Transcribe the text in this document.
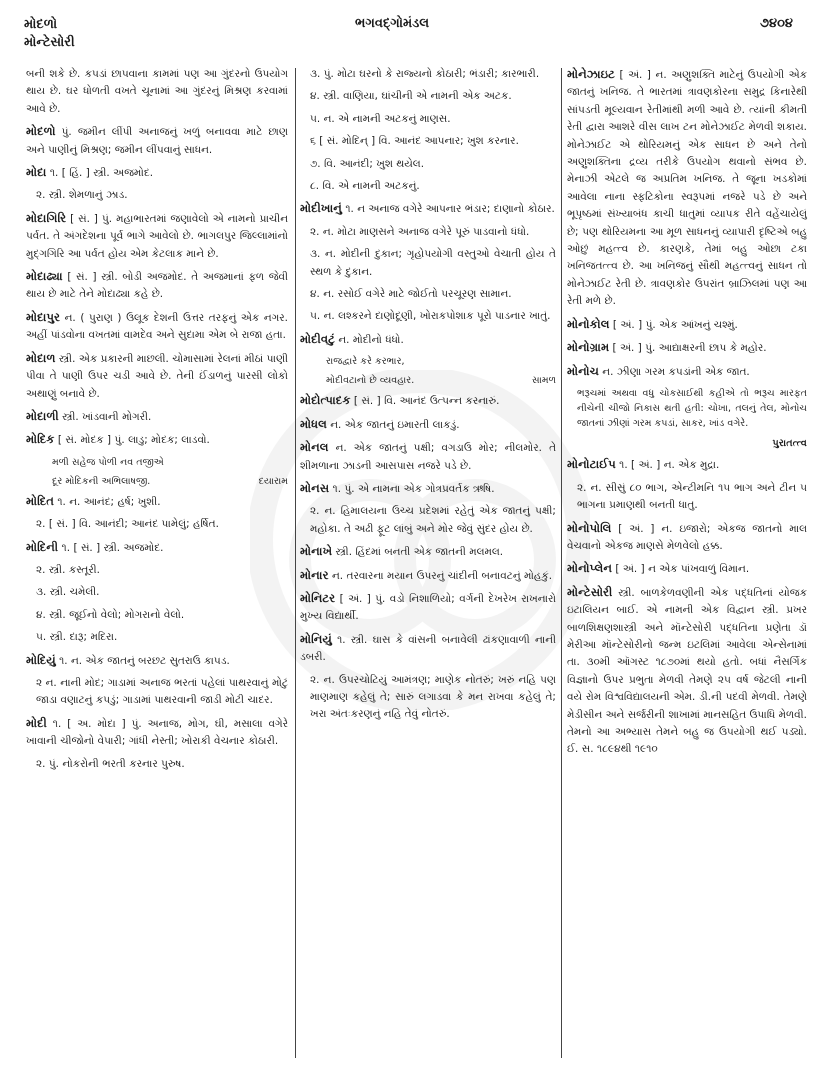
મોદળો
મોન્ટેસોરી
ભગવદ્ગોમંડલ	૭૪૦૪
બની શકે છે. કપડાં છાપવાના કામમાં પણ આ ગુંદરનો ઉપયોગ થાય છે. ઘર ધોળતી વખતે ચૂનામાં આ ગુંદરનું મિશ્રણ કરવામાં આવે છે.
મોદળો પું. જમીન લીંપી અનાજનું ખળું બનાવવા માટે છાણ અને પાણીનું મિશ્રણ; જમીન લીંપવાનું સાધન.
મોદા ૧. [ હિં. ] સ્ત્રી. અજમોદ.
૨. સ્ત્રી. શેમળાનું ઝાડ.
મોદાગિરિ [ સં. ] પું. મહાભારતમાં જણાવેલો એ નામનો પ્રાચીન પર્વત. તે અંગદેશના પૂર્વ ભાગે આવેલો છે. ભાગલપુર જિલ્લામાંનો મુદ્‍ગગિરિ આ પર્વત હોય એમ કેટલાક માને છે.
મોદાઢ્યા [ સં. ] સ્ત્રી. બોડી અજમોદ. તે અજમાનાં ફળ જેવી થાય છે માટે તેને મોદાઢ્યા કહે છે.
મોદાપુર ન. ( પુરાણ ) ઉલૂક દેશની ઉત્તર તરફનું એક નગર. અહીં પાંડવોના વખતમાં વામદેવ અને સુદામા એમ બે રાજા હતા.
મોદાળ સ્ત્રી. એક પ્રકારની માછલી. ચોમાસામાં રેલનાં મીઠાં પાણી પીવા તે પાણી ઉપર ચડી આવે છે. તેની ઈંડાળનું પારસી લોકો અથાણું બનાવે છે.
મોદાળી સ્ત્રી. ખાંડવાની મોગરી.
મોદિક [ સં. મોદક ] પું. લાડુ; મોદક; લાડવો.
મળી સહેજ પોળી નવ તજીએ
દૂર મોદિકની અભિલાષજી.	દયારામ
મોદિત ૧. ન. આનંદ; હર્ષ; ખુશી.
૨. [ સં. ] વિ. આનંદી; આનંદ પામેલું; હર્ષિત.
મોદિની ૧. [ સં. ] સ્ત્રી. અજમોદ.
૨. સ્ત્રી. કસ્તૂરી.
૩. સ્ત્રી. ચમેલી.
૪. સ્ત્રી. જૂઈનો વેલો; મોગરાનો વેલો.
૫. સ્ત્રી. દારૂ; મદિરા.
મોદિયું ૧. ન. એક જાતનું બરછટ સુતરાઉ કાપડ.
૨ ન. નાની મોદ; ગાડામાં અનાજ ભરતાં પહેલાં પાથરવાનું મોટું જાડા વણાટનું કપડું; ગાડામાં પાથરવાની જાડી મોટી ચાદર.
મોદી ૧. [ અ. મોદા ] પું. અનાજ, મોગ, ઘી, મસાલા વગેરે ખાવાની ચીજોનો વેપારી; ગાંધી નેસ્તી; ખોરાકી વેચનાર કોઠારી.
૨. પું. નોકરોની ભરતી કરનાર પુરુષ.
૩. પું. મોટા ઘરનો કે રાજ્યનો કોઠારી; ભંડારી; કારભારી.
૪. સ્ત્રી. વાણિયા, ઘાંચીની એ નામની એક અટક.
૫. ન. એ નામની અટકનું માણસ.
૬ [ સં. મોદિન્ ] વિ. આનંદ આપનાર; ખુશ કરનાર.
૭. વિ. આનંદી; ખુશ થયેલ.
૮. વિ. એ નામની અટકનું.
મોદીખાનું ૧. ન અનાજ વગેરે આપનાર ભંડાર; દાણાનો કોઠાર.
૨. ન. મોટા માણસને અનાજ વગેરે પૂરું પાડવાનો ધંધો.
૩. ન. મોદીની દુકાન; ગૃહોપયોગી વસ્તુઓ વેચાતી હોય તે સ્થળ કે દુકાન.
૪. ન. રસોઈ વગેરે માટે જોઈતો પરચૂરણ સામાન.
૫. ન. લશ્કરને દાણોદૂણી, ખોરાકપોશાક પૂરો પાડનાર ખાતું.
મોદીવટું ન. મોદીનો ધંધો.
રાજદ્વારે કરે કરભાર,
મોદીવટાનો છે વ્યવહાર.	સામળ
મોદોત્પાદક [ સં. ] વિ. આનંદ ઉત્પન્ન કરનારું.
મોધલ ન. એક જાતનું ઇમારતી લાકડું.
મોનલ ન. એક જાતનું પક્ષી; વગડાઉ મોર; નીલમોર. તે શીમળાના ઝાડની આસપાસ નજરે પડે છે.
મોનસ ૧. પું. એ નામના એક ગોત્રપ્રવર્તક ઋષિ.
૨. ન. હિમાલયના ઉચ્ચ પ્રદેશમાં રહેતું એક જાતનું પક્ષી; મહોકા. તે અઢી ફૂટ લાંબું અને મોર જેવું સુંદર હોય છે.
મોનાખે સ્ત્રી. હિંદમાં બનતી એક જાતની મલમલ.
મોનાર ન. તરવારના મયાન ઉપરનું ચાંદીની બનાવટનું મોહકું.
મોનિટર [ અં. ] પું. વડો નિશાળિયો; વર્ગની દેખરેખ રાખનારો મુખ્ય વિદ્યાર્થી.
મોનિયું ૧. સ્ત્રી. ઘાસ કે વાંસની બનાવેલી ઢાંકણાવાળી નાની ડબરી.
૨. ન. ઉપરચોટિયું આમંત્રણ; માણેક નોતરું; ખરું નહિ પણ માણમાણ કહેલું તે; સારું લગાડવા કે મન રાખવા કહેલું તે; ખરા અંતઃકરણનું નહિ તેવું નોતરું.
મોનેઝાઇટ [ અં. ] ન. અણુશક્તિ માટેનું ઉપયોગી એક જાતનું ખનિજ. તે ભારતમાં ત્રાવણકોરના સમુદ્ર કિનારેથી સાંપડતી મૂલ્યવાન રેતીમાંથી મળી આવે છે. ત્યાંની કીમતી રેતી દ્વારા આશરે વીસ લાખ ટન મોનેઝાઈટ મેળવી શકાય. મોનેઝાઈટ એ થોરિયમનું એક સાધન છે અને તેનો અણુશક્તિના દ્રવ્ય તરીકે ઉપયોગ થવાનો સંભવ છે. મેનાઝી એટલે જ અપ્રતિમ ખનિજ. તે જૂના ખડકોમાં આવેલા નાના સ્ફટિકોના સ્વરૂપમાં નજરે પડે છે અને ભૂપૃષ્ઠમાં સંખ્યાબંધ કાચી ધાતુમાં વ્યાપક રીતે વહેંચાયેલું છે; પણ થોરિયમના આ મૂળ સાધનનું વ્યાપારી દૃષ્ટિએ બહુ ઓછું મહત્ત્વ છે. કારણકે, તેમાં બહુ ઓછા ટકા ખનિજતત્ત્વ છે. આ ખનિજનું સૌથી મહત્ત્વનું સાધન તો મોનેઝાઈટ રેતી છે. ત્રાવણકોર ઉપરાંત બ્રાઝિલમાં પણ આ રેતી મળે છે.
મોનોકોલ [ અં. ] પું. એક આંખનું ચશ્મું.
મોનોગ્રામ [ અં. ] પું. આદ્યાક્ષરની છાપ કે મહોર.
મોનોચ ન. ઝીણા ગરમ કપડાંની એક જાત.
ભરૂચમાં અથવા વધુ ચોકસાઈથી કહીએ તો ભરૂચ મારફત નીચેની ચીજો નિકાસ થતી હતી: ચોખા, તલનું તેલ, મોનોચ જાતનાં ઝીણાં ગરમ કપડાં, સાકર, ખાંડ વગેરે.
પુરાતત્ત્વ
મોનોટાઈપ ૧. [ અં. ] ન. એક મુદ્રા.
૨. ન. સીસું ૮૦ ભાગ, એન્ટીમનિ ૧૫ ભાગ અને ટીન ૫ ભાગના પ્રમાણથી બનતી ધાતુ.
મોનોપોલિ [ અં. ] ન. ઇજારો; એકજ જાતનો માલ વેચવાનો એકજ માણસે મેળવેલો હક્ક.
મોનોપ્લેન [ અં. ] ન એક પાંખવાળું વિમાન.
મોન્ટેસોરી સ્ત્રી. બાળકેળવણીની એક પદ્ધતિનાં યોજક ઇટાલિયન બાઈ. એ નામની એક વિદ્વાન સ્ત્રી. પ્રખર બાળશિક્ષણશાસ્ત્રી અને મૉન્ટેસોરી પદ્ધતિના પ્રણેતા ડૉ મેરીઆ મૉન્ટેસોરીનો જન્મ ઇટલિમાં આવેલા એન્સેનામાં તા. ૩૦મી ઑગસ્ટ ૧૮૭૦માં થયો હતો. બધાં નૈસર્ગિક વિજ્ઞાનો ઉપર પ્રભુતા મેળવી તેમણે ૨૫ વર્ષ જેટલી નાની વયે રોમ વિશ્વવિદ્યાલયની એમ. ડી.ની પદવી મેળવી. તેમણે મેડીસીન અને સર્જરીની શાખામાં માનસહિત ઉપાધિ મેળવી. તેમનો આ અભ્યાસ તેમને બહુ જ ઉપયોગી થઈ પડ્યો. ઈ. સ. ૧૮૯૪થી ૧૯૧૦
